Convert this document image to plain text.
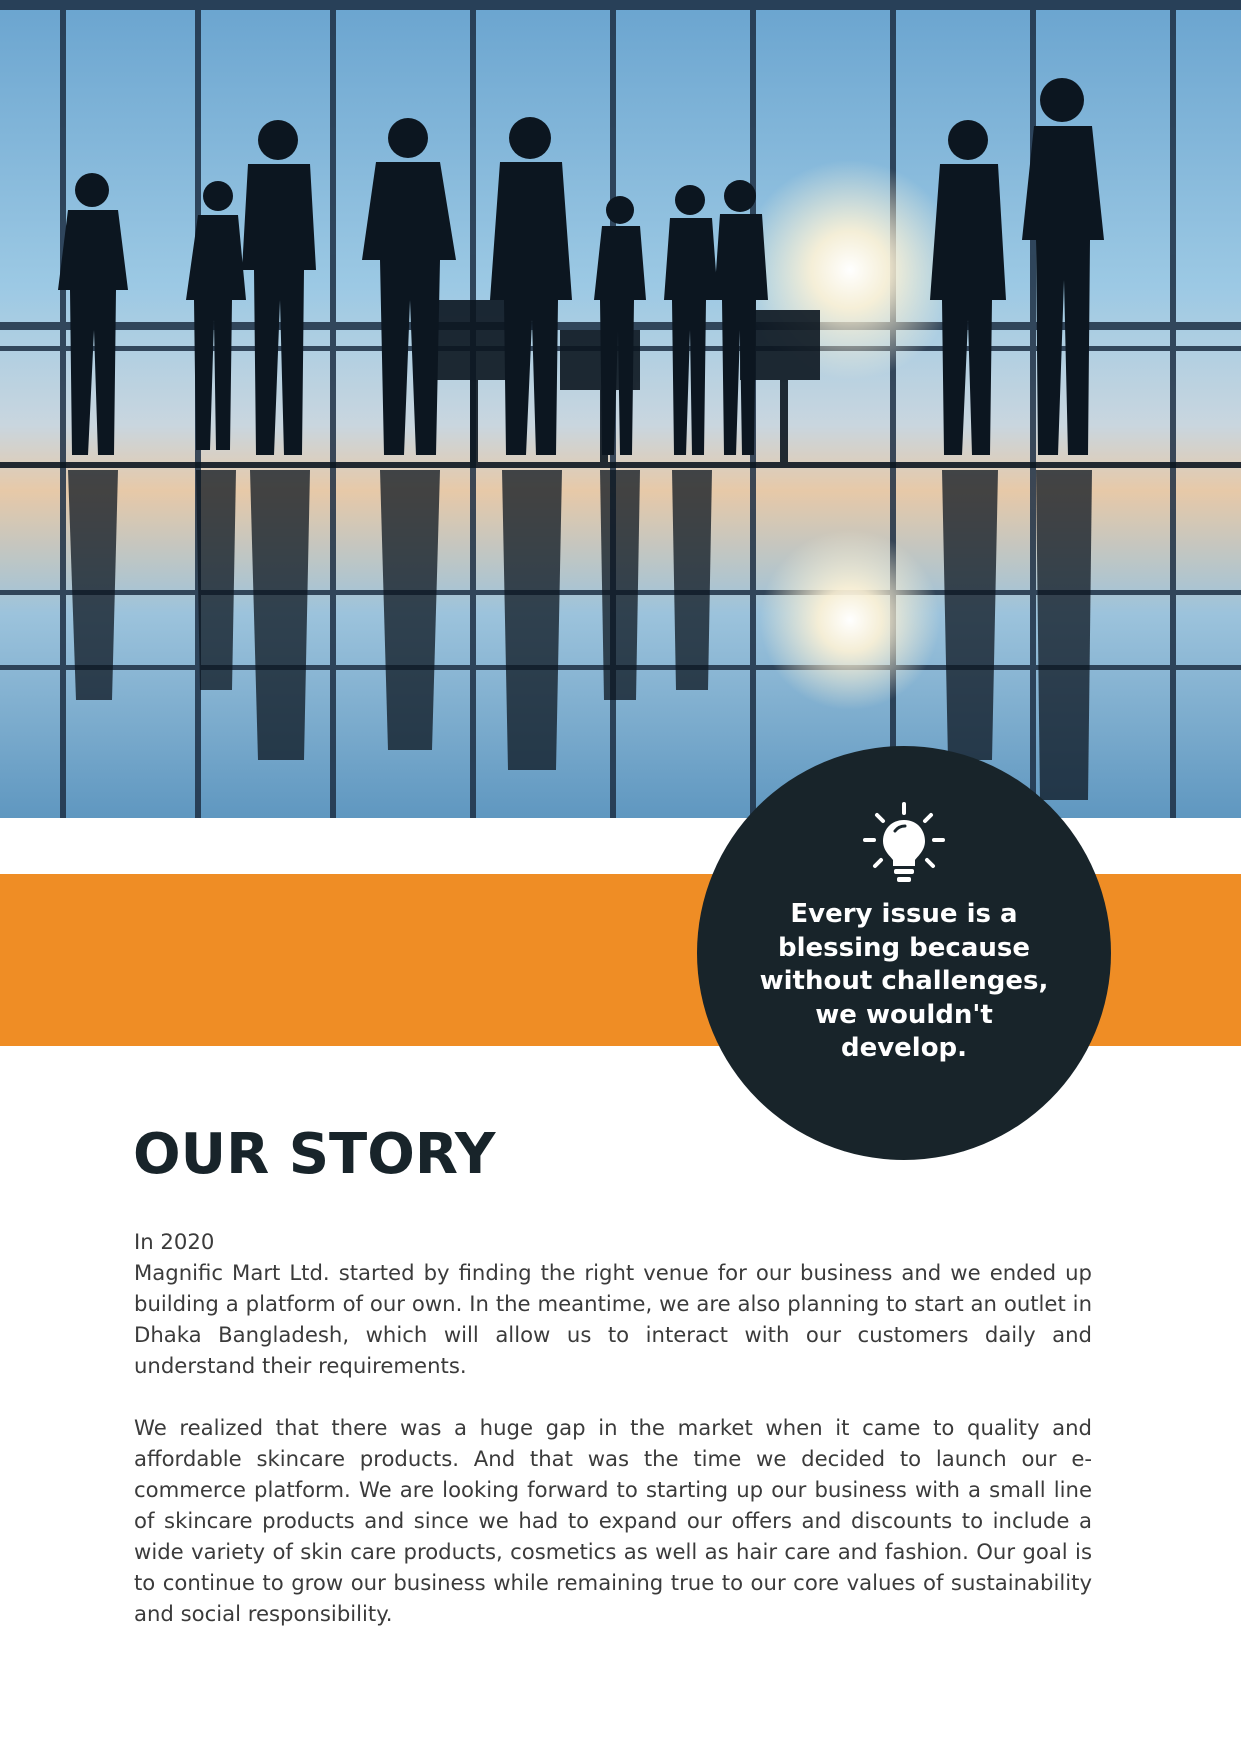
Every issue is a blessing because without challenges, we wouldn't develop.
OUR STORY

In 2020

Magnific Mart Ltd. started by finding the right venue for our business and we ended up building a platform of our own. In the meantime, we are also planning to start an outlet in Dhaka Bangladesh, which will allow us to interact with our customers daily and understand their requirements.

We realized that there was a huge gap in the market when it came to quality and affordable skincare products. And that was the time we decided to launch our e-commerce platform. We are looking forward to starting up our business with a small line of skincare products and since we had to expand our offers and discounts to include a wide variety of skin care products, cosmetics as well as hair care and fashion. Our goal is to continue to grow our business while remaining true to our core values of sustainability and social responsibility.
